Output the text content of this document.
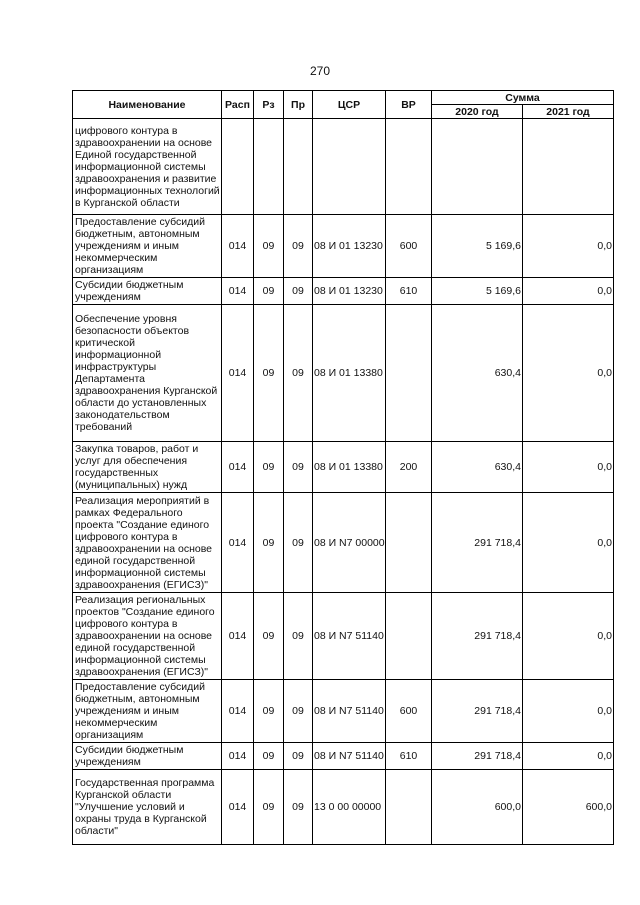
270
Наименование	Расп	Рз	Пр	ЦСР	ВР	Сумма	
						2020 год	2021 год
цифрового контура в здравоохранении на основе Единой государственной информационной системы здравоохранения и развитие информационных технологий в Курганской области							
Предоставление субсидий бюджетным, автономным учреждениям и иным некоммерческим организациям	014	09	09	08 И 01 13230	600	5 169,6	0,0
Субсидии бюджетным учреждениям	014	09	09	08 И 01 13230	610	5 169,6	0,0
Обеспечение уровня безопасности объектов критической информационной инфраструктуры Департамента здравоохранения Курганской области до установленных законодательством требований	014	09	09	08 И 01 13380		630,4	0,0
Закупка товаров, работ и услуг для обеспечения государственных (муниципальных) нужд	014	09	09	08 И 01 13380	200	630,4	0,0
Реализация мероприятий в рамках Федерального проекта "Создание единого цифрового контура в здравоохранении на основе единой государственной информационной системы здравоохранения (ЕГИСЗ)"	014	09	09	08 И N7 00000		291 718,4	0,0
Реализация региональных проектов "Создание единого цифрового контура в здравоохранении на основе единой государственной информационной системы здравоохранения (ЕГИСЗ)"	014	09	09	08 И N7 51140		291 718,4	0,0
Предоставление субсидий бюджетным, автономным учреждениям и иным некоммерческим организациям	014	09	09	08 И N7 51140	600	291 718,4	0,0
Субсидии бюджетным учреждениям	014	09	09	08 И N7 51140	610	291 718,4	0,0
Государственная программа Курганской области "Улучшение условий и охраны труда в Курганской области"	014	09	09	13 0 00 00000		600,0	600,0
